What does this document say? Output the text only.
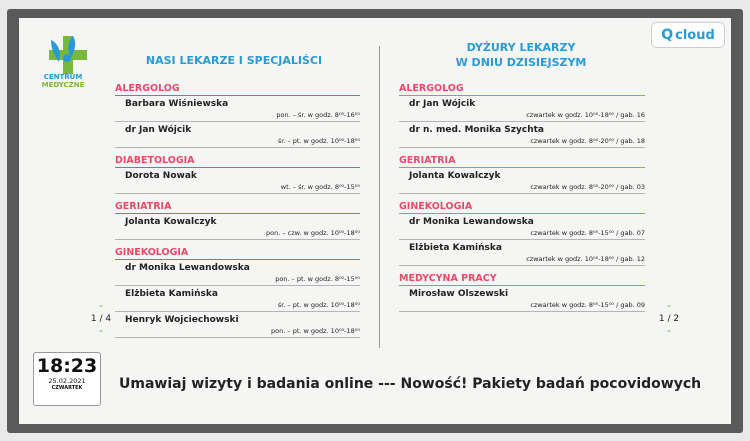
CENTRUM
MEDYCZNE
Q cloud
NASI LEKARZE I SPECJALIŚCI
DYŻURY LEKARZY
W DNIU DZISIEJSZYM
ALERGOLOG
Barbara Wiśniewska
pon. – śr. w godz. 8⁰⁰-16⁰⁰
dr Jan Wójcik
śr. – pt. w godz. 10⁰⁰-18⁰⁰
DIABETOLOGIA
Dorota Nowak
wt. – śr. w godz. 8⁰⁰-15⁰⁰
GERIATRIA
Jolanta Kowalczyk
pon. – czw. w godz. 10⁰⁰-18⁰⁰
GINEKOLOGIA
dr Monika Lewandowska
pon. – pt. w godz. 8⁰⁰-15⁰⁰
Elżbieta Kamińska
śr. – pt. w godz. 10⁰⁰-18⁰⁰
Henryk Wojciechowski
pon. – pt. w godz. 10⁰⁰-18⁰⁰
ALERGOLOG
dr Jan Wójcik
czwartek w godz. 10⁰⁰-18⁰⁰ / gab. 16
dr n. med. Monika Szychta
czwartek w godz. 8⁰⁰-20⁰⁰ / gab. 18
GERIATRIA
Jolanta Kowalczyk
czwartek w godz. 8⁰⁰-20⁰⁰ / gab. 03
GINEKOLOGIA
dr Monika Lewandowska
czwartek w godz. 8⁰⁰-15⁰⁰ / gab. 07
Elżbieta Kamińska
czwartek w godz. 10⁰⁰-18⁰⁰ / gab. 12
MEDYCYNA PRACY
Mirosław Olszewski
czwartek w godz. 8⁰⁰-15⁰⁰ / gab. 09
⌃
1 / 4
⌄
⌃
1 / 2
⌄
18:23
25.02.2021
CZWARTEK	Umawiaj wizyty i badania online --- Nowość! Pakiety badań pocovidowych
